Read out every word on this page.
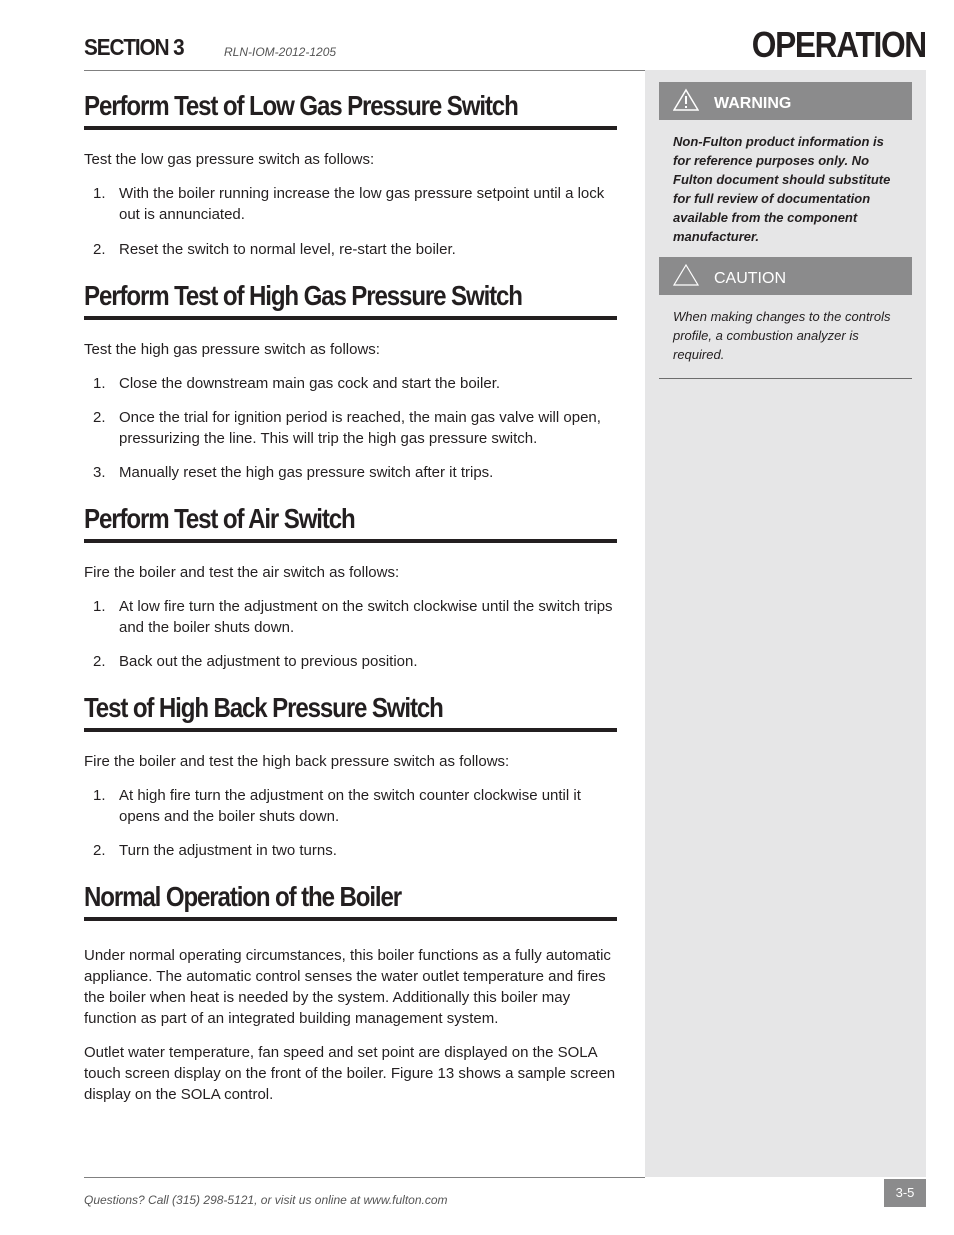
SECTION 3	RLN-IOM-2012-1205	OPERATION
WARNING
Non-Fulton product information is for reference purposes only. No Fulton document should substitute for full review of documentation available from the component manufacturer.
CAUTION
When making changes to the controls profile, a combustion analyzer is required.
Perform Test of Low Gas Pressure Switch

Test the low gas pressure switch as follows:

1. With the boiler running increase the low gas pressure setpoint until a lock out is annunciated.
2. Reset the switch to normal level, re-start the boiler.
Perform Test of High Gas Pressure Switch

Test the high gas pressure switch as follows:

1. Close the downstream main gas cock and start the boiler.
2. Once the trial for ignition period is reached, the main gas valve will open, pressurizing the line. This will trip the high gas pressure switch.
3. Manually reset the high gas pressure switch after it trips.
Perform Test of Air Switch

Fire the boiler and test the air switch as follows:

1. At low fire turn the adjustment on the switch clockwise until the switch trips and the boiler shuts down.
2. Back out the adjustment to previous position.
Test of High Back Pressure Switch

Fire the boiler and test the high back pressure switch as follows:

1. At high fire turn the adjustment on the switch counter clockwise until it opens and the boiler shuts down.
2. Turn the adjustment in two turns.
Normal Operation of the Boiler

Under normal operating circumstances, this boiler functions as a fully automatic appliance. The automatic control senses the water outlet temperature and fires the boiler when heat is needed by the system. Additionally this boiler may function as part of an integrated building management system.

Outlet water temperature, fan speed and set point are displayed on the SOLA touch screen display on the front of the boiler. Figure 13 shows a sample screen display on the SOLA control.

Questions? Call (315) 298-5121, or visit us online at www.fulton.com	3-5
